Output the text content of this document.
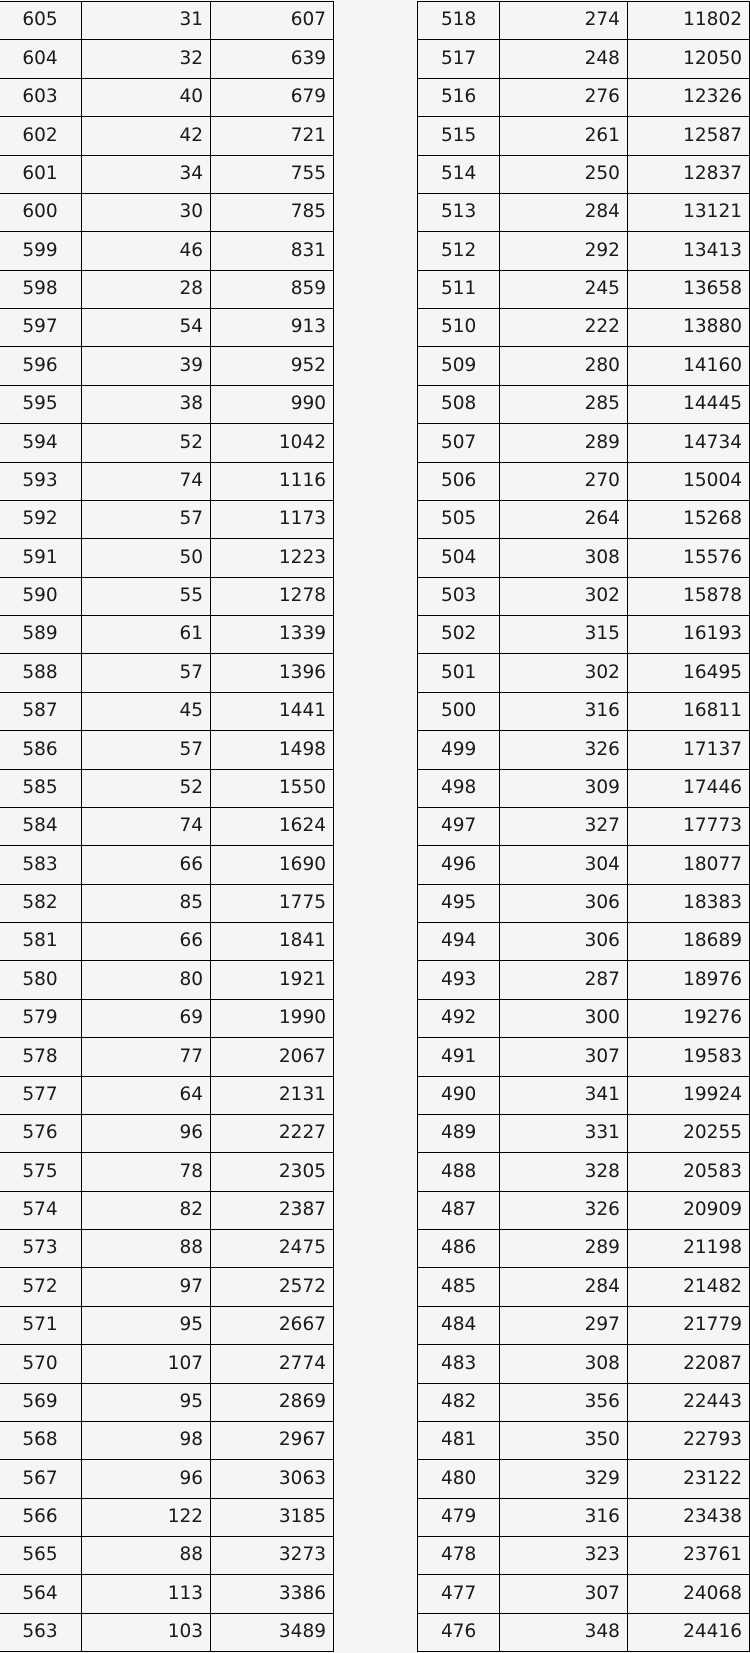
605	31	607
604	32	639
603	40	679
602	42	721
601	34	755
600	30	785
599	46	831
598	28	859
597	54	913
596	39	952
595	38	990
594	52	1042
593	74	1116
592	57	1173
591	50	1223
590	55	1278
589	61	1339
588	57	1396
587	45	1441
586	57	1498
585	52	1550
584	74	1624
583	66	1690
582	85	1775
581	66	1841
580	80	1921
579	69	1990
578	77	2067
577	64	2131
576	96	2227
575	78	2305
574	82	2387
573	88	2475
572	97	2572
571	95	2667
570	107	2774
569	95	2869
568	98	2967
567	96	3063
566	122	3185
565	88	3273
564	113	3386
563	103	3489
518	274	11802
517	248	12050
516	276	12326
515	261	12587
514	250	12837
513	284	13121
512	292	13413
511	245	13658
510	222	13880
509	280	14160
508	285	14445
507	289	14734
506	270	15004
505	264	15268
504	308	15576
503	302	15878
502	315	16193
501	302	16495
500	316	16811
499	326	17137
498	309	17446
497	327	17773
496	304	18077
495	306	18383
494	306	18689
493	287	18976
492	300	19276
491	307	19583
490	341	19924
489	331	20255
488	328	20583
487	326	20909
486	289	21198
485	284	21482
484	297	21779
483	308	22087
482	356	22443
481	350	22793
480	329	23122
479	316	23438
478	323	23761
477	307	24068
476	348	24416
